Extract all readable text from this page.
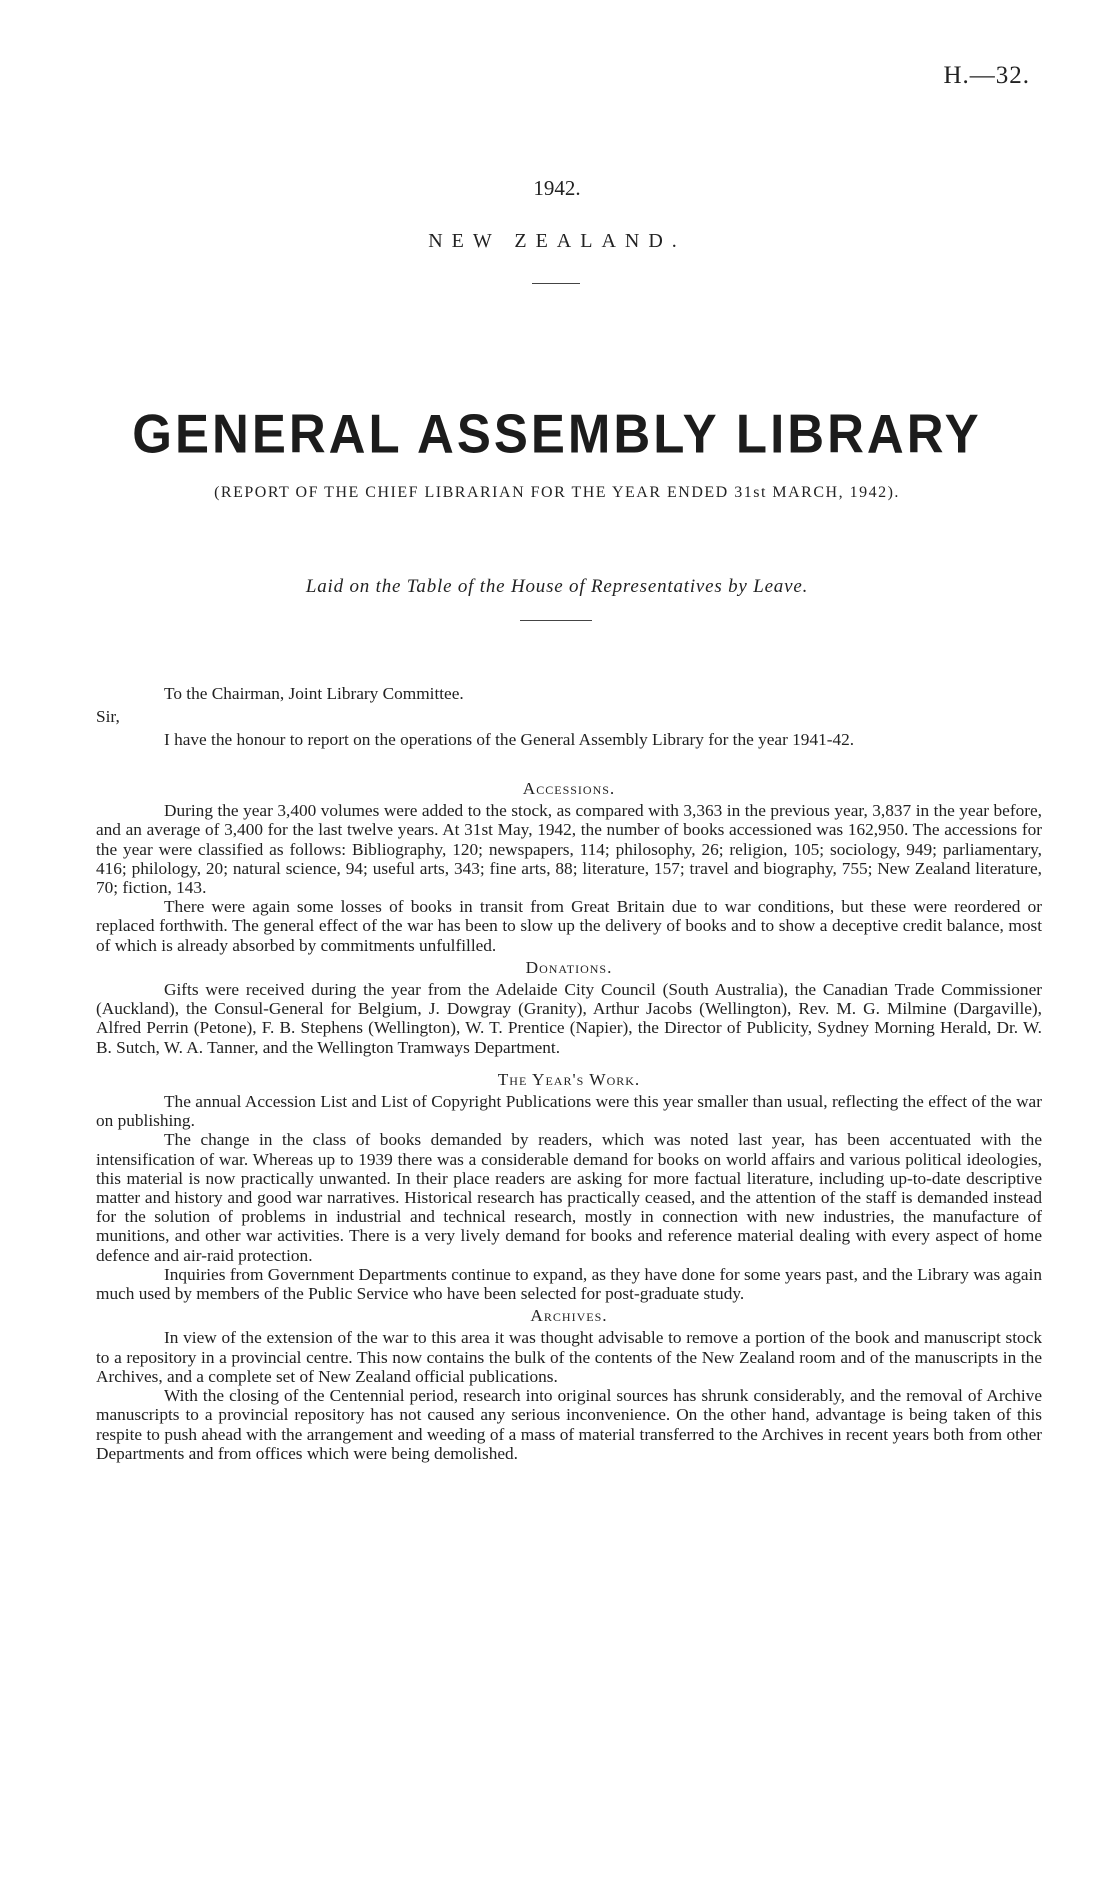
H.—32.
1942.
NEW ZEALAND.
GENERAL ASSEMBLY LIBRARY
(REPORT OF THE CHIEF LIBRARIAN FOR THE YEAR ENDED 31st MARCH, 1942).
Laid on the Table of the House of Representatives by Leave.
To the Chairman, Joint Library Committee.
Sir,

I have the honour to report on the operations of the General Assembly Library for the year 1941-42.

Accessions.

During the year 3,400 volumes were added to the stock, as compared with 3,363 in the previous year, 3,837 in the year before, and an average of 3,400 for the last twelve years. At 31st May, 1942, the number of books accessioned was 162,950. The accessions for the year were classified as follows: Bibliography, 120; newspapers, 114; philosophy, 26; religion, 105; sociology, 949; parliamentary, 416; philology, 20; natural science, 94; useful arts, 343; fine arts, 88; literature, 157; travel and biography, 755; New Zealand literature, 70; fiction, 143.

There were again some losses of books in transit from Great Britain due to war conditions, but these were reordered or replaced forthwith. The general effect of the war has been to slow up the delivery of books and to show a deceptive credit balance, most of which is already absorbed by commitments unfulfilled.

Donations.

Gifts were received during the year from the Adelaide City Council (South Australia), the Canadian Trade Commissioner (Auckland), the Consul-General for Belgium, J. Dowgray (Granity), Arthur Jacobs (Wellington), Rev. M. G. Milmine (Dargaville), Alfred Perrin (Petone), F. B. Stephens (Wellington), W. T. Prentice (Napier), the Director of Publicity, Sydney Morning Herald, Dr. W. B. Sutch, W. A. Tanner, and the Wellington Tramways Department.

The Year's Work.

The annual Accession List and List of Copyright Publications were this year smaller than usual, reflecting the effect of the war on publishing.

The change in the class of books demanded by readers, which was noted last year, has been accentuated with the intensification of war. Whereas up to 1939 there was a considerable demand for books on world affairs and various political ideologies, this material is now practically unwanted. In their place readers are asking for more factual literature, including up-to-date descriptive matter and history and good war narratives. Historical research has practically ceased, and the attention of the staff is demanded instead for the solution of problems in industrial and technical research, mostly in connection with new industries, the manufacture of munitions, and other war activities. There is a very lively demand for books and reference material dealing with every aspect of home defence and air-raid protection.

Inquiries from Government Departments continue to expand, as they have done for some years past, and the Library was again much used by members of the Public Service who have been selected for post-graduate study.

Archives.

In view of the extension of the war to this area it was thought advisable to remove a portion of the book and manuscript stock to a repository in a provincial centre. This now contains the bulk of the contents of the New Zealand room and of the manuscripts in the Archives, and a complete set of New Zealand official publications.

With the closing of the Centennial period, research into original sources has shrunk considerably, and the removal of Archive manuscripts to a provincial repository has not caused any serious inconvenience. On the other hand, advantage is being taken of this respite to push ahead with the arrangement and weeding of a mass of material transferred to the Archives in recent years both from other Departments and from offices which were being demolished.
